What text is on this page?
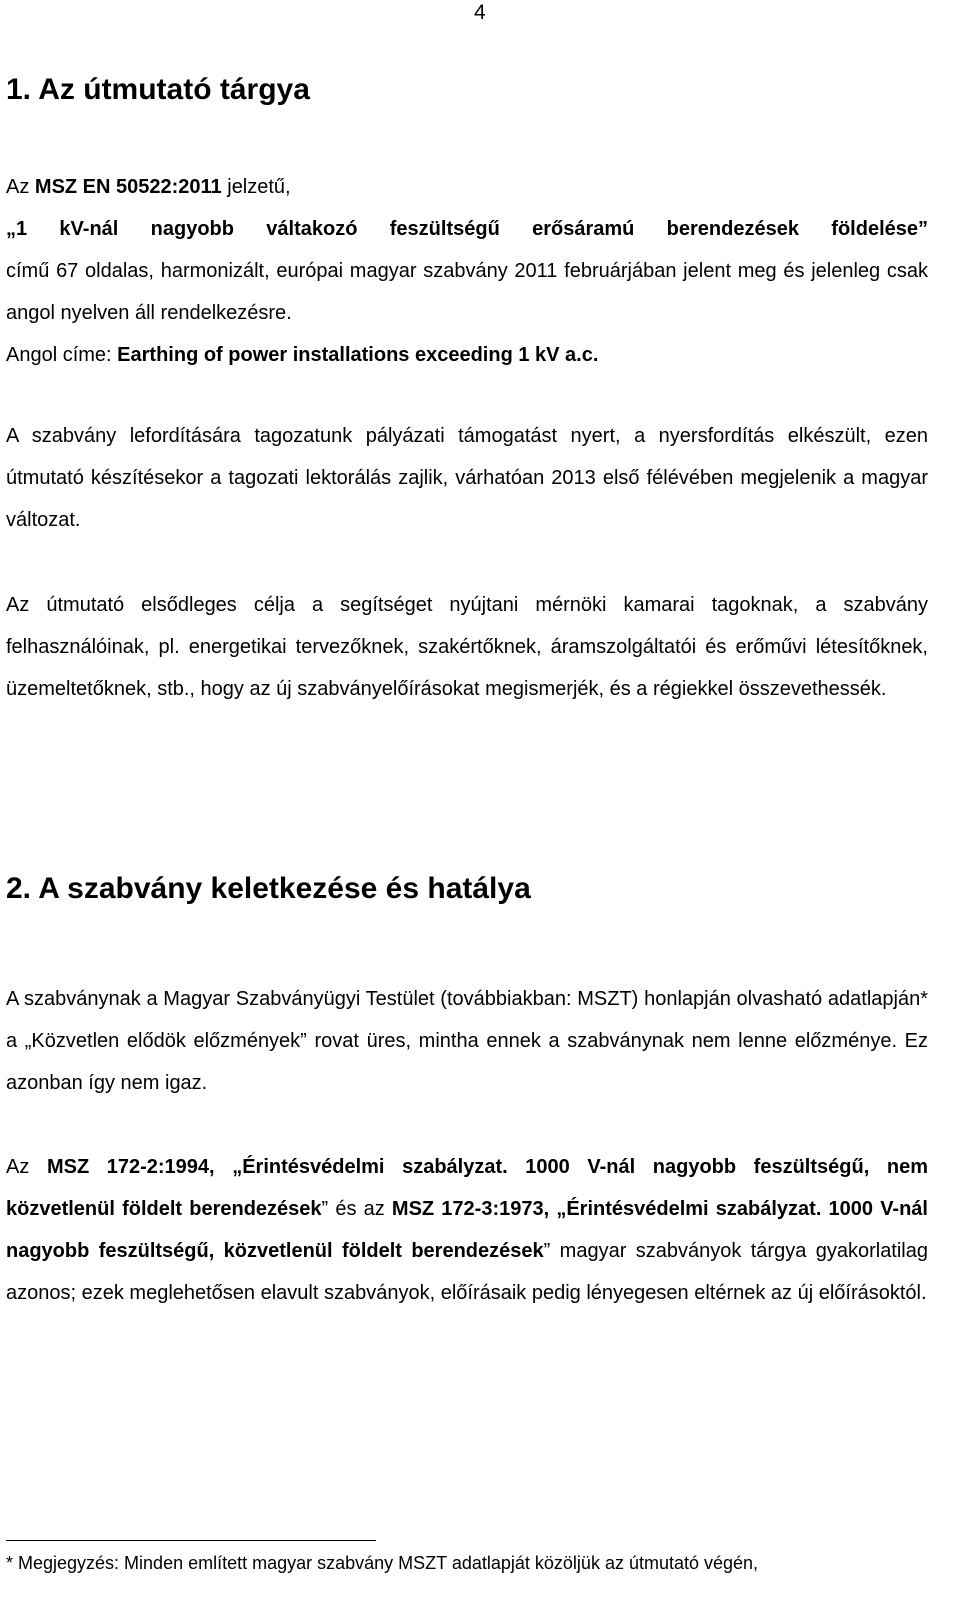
4
1. Az útmutató tárgya
Az MSZ EN 50522:2011 jelzetű,
„1 kV-nál nagyobb váltakozó feszültségű erősáramú berendezések földelése”
című 67 oldalas, harmonizált, európai magyar szabvány 2011 februárjában jelent meg és jelenleg csak angol nyelven áll rendelkezésre.
Angol címe: Earthing of power installations exceeding 1 kV a.c.

A szabvány lefordítására tagozatunk pályázati támogatást nyert, a nyersfordítás elkészült, ezen útmutató készítésekor a tagozati lektorálás zajlik, várhatóan 2013 első félévében megjelenik a magyar változat.

Az útmutató elsődleges célja a segítséget nyújtani mérnöki kamarai tagoknak, a szabvány felhasználóinak, pl. energetikai tervezőknek, szakértőknek, áramszolgáltatói és erőművi létesítőknek, üzemeltetőknek, stb., hogy az új szabványelőírásokat megismerjék, és a régiekkel összevethessék.

2. A szabvány keletkezése és hatálya

A szabványnak a Magyar Szabványügyi Testület (továbbiakban: MSZT) honlapján olvasható adatlapján* a „Közvetlen elődök előzmények” rovat üres, mintha ennek a szabványnak nem lenne előzménye. Ez azonban így nem igaz.

Az MSZ 172-2:1994, „Érintésvédelmi szabályzat. 1000 V-nál nagyobb feszültségű, nem közvetlenül földelt berendezések” és az MSZ 172-3:1973, „Érintésvédelmi szabályzat. 1000 V-nál nagyobb feszültségű, közvetlenül földelt berendezések” magyar szabványok tárgya gyakorlatilag azonos; ezek meglehetősen elavult szabványok, előírásaik pedig lényegesen eltérnek az új előírásoktól.

* Megjegyzés: Minden említett magyar szabvány MSZT adatlapját közöljük az útmutató végén,
